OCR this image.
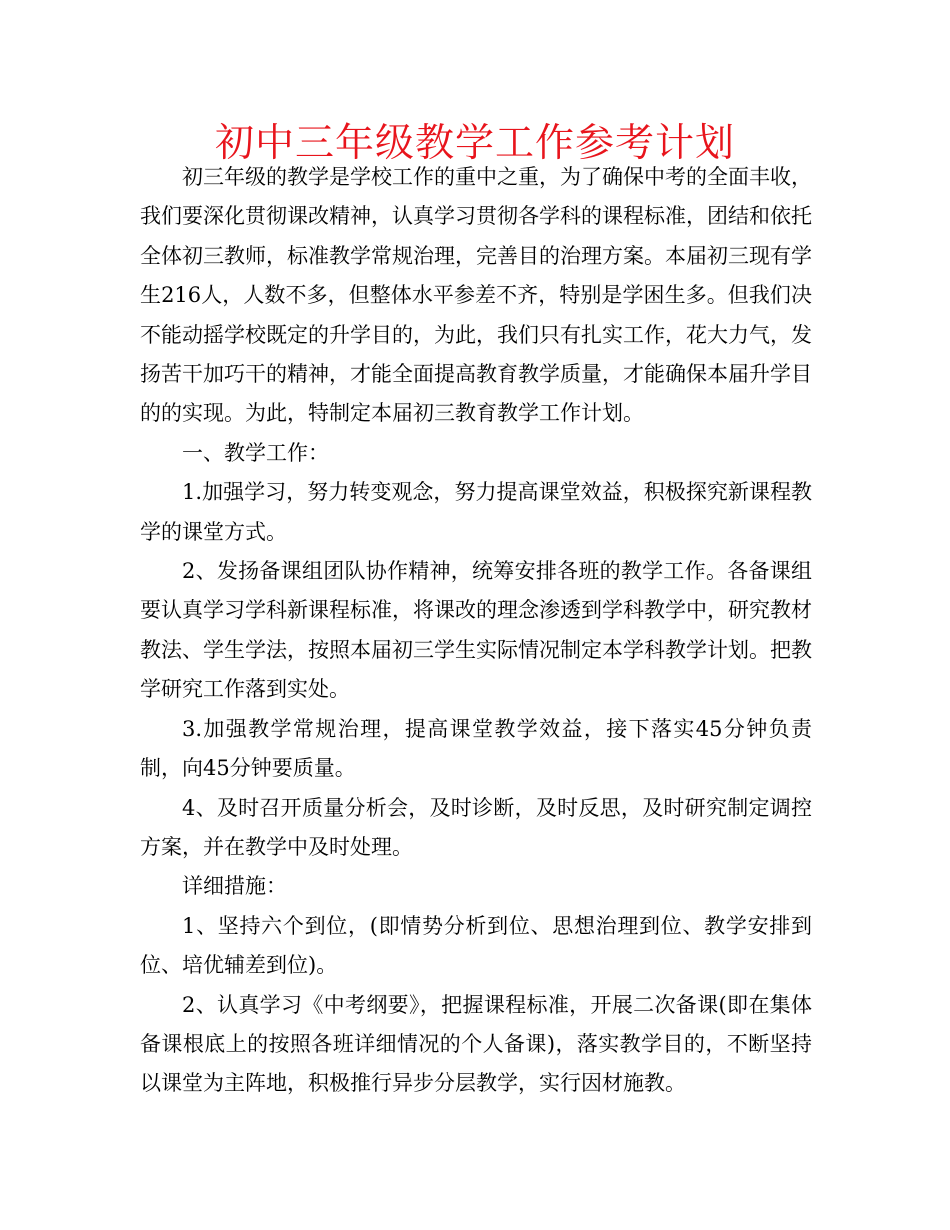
初中三年级教学工作参考计划

初三年级的教学是学校工作的重中之重，为了确保中考的全面丰收，我们要深化贯彻课改精神，认真学习贯彻各学科的课程标准，团结和依托全体初三教师，标准教学常规治理，完善目的治理方案。本届初三现有学生216人，人数不多，但整体水平参差不齐，特别是学困生多。但我们决不能动摇学校既定的升学目的，为此，我们只有扎实工作，花大力气，发扬苦干加巧干的精神，才能全面提高教育教学质量，才能确保本届升学目的的实现。为此，特制定本届初三教育教学工作计划。

一、教学工作：

1.加强学习，努力转变观念，努力提高课堂效益，积极探究新课程教学的课堂方式。

2、发扬备课组团队协作精神，统筹安排各班的教学工作。各备课组要认真学习学科新课程标准，将课改的理念渗透到学科教学中，研究教材教法、学生学法，按照本届初三学生实际情况制定本学科教学计划。把教学研究工作落到实处。

3.加强教学常规治理，提高课堂教学效益，接下落实45分钟负责制，向45分钟要质量。

4、及时召开质量分析会，及时诊断，及时反思，及时研究制定调控方案，并在教学中及时处理。

详细措施：

1、坚持六个到位，(即情势分析到位、思想治理到位、教学安排到位、培优辅差到位)。

2、认真学习《中考纲要》，把握课程标准，开展二次备课(即在集体备课根底上的按照各班详细情况的个人备课)，落实教学目的，不断坚持以课堂为主阵地，积极推行异步分层教学，实行因材施教。
